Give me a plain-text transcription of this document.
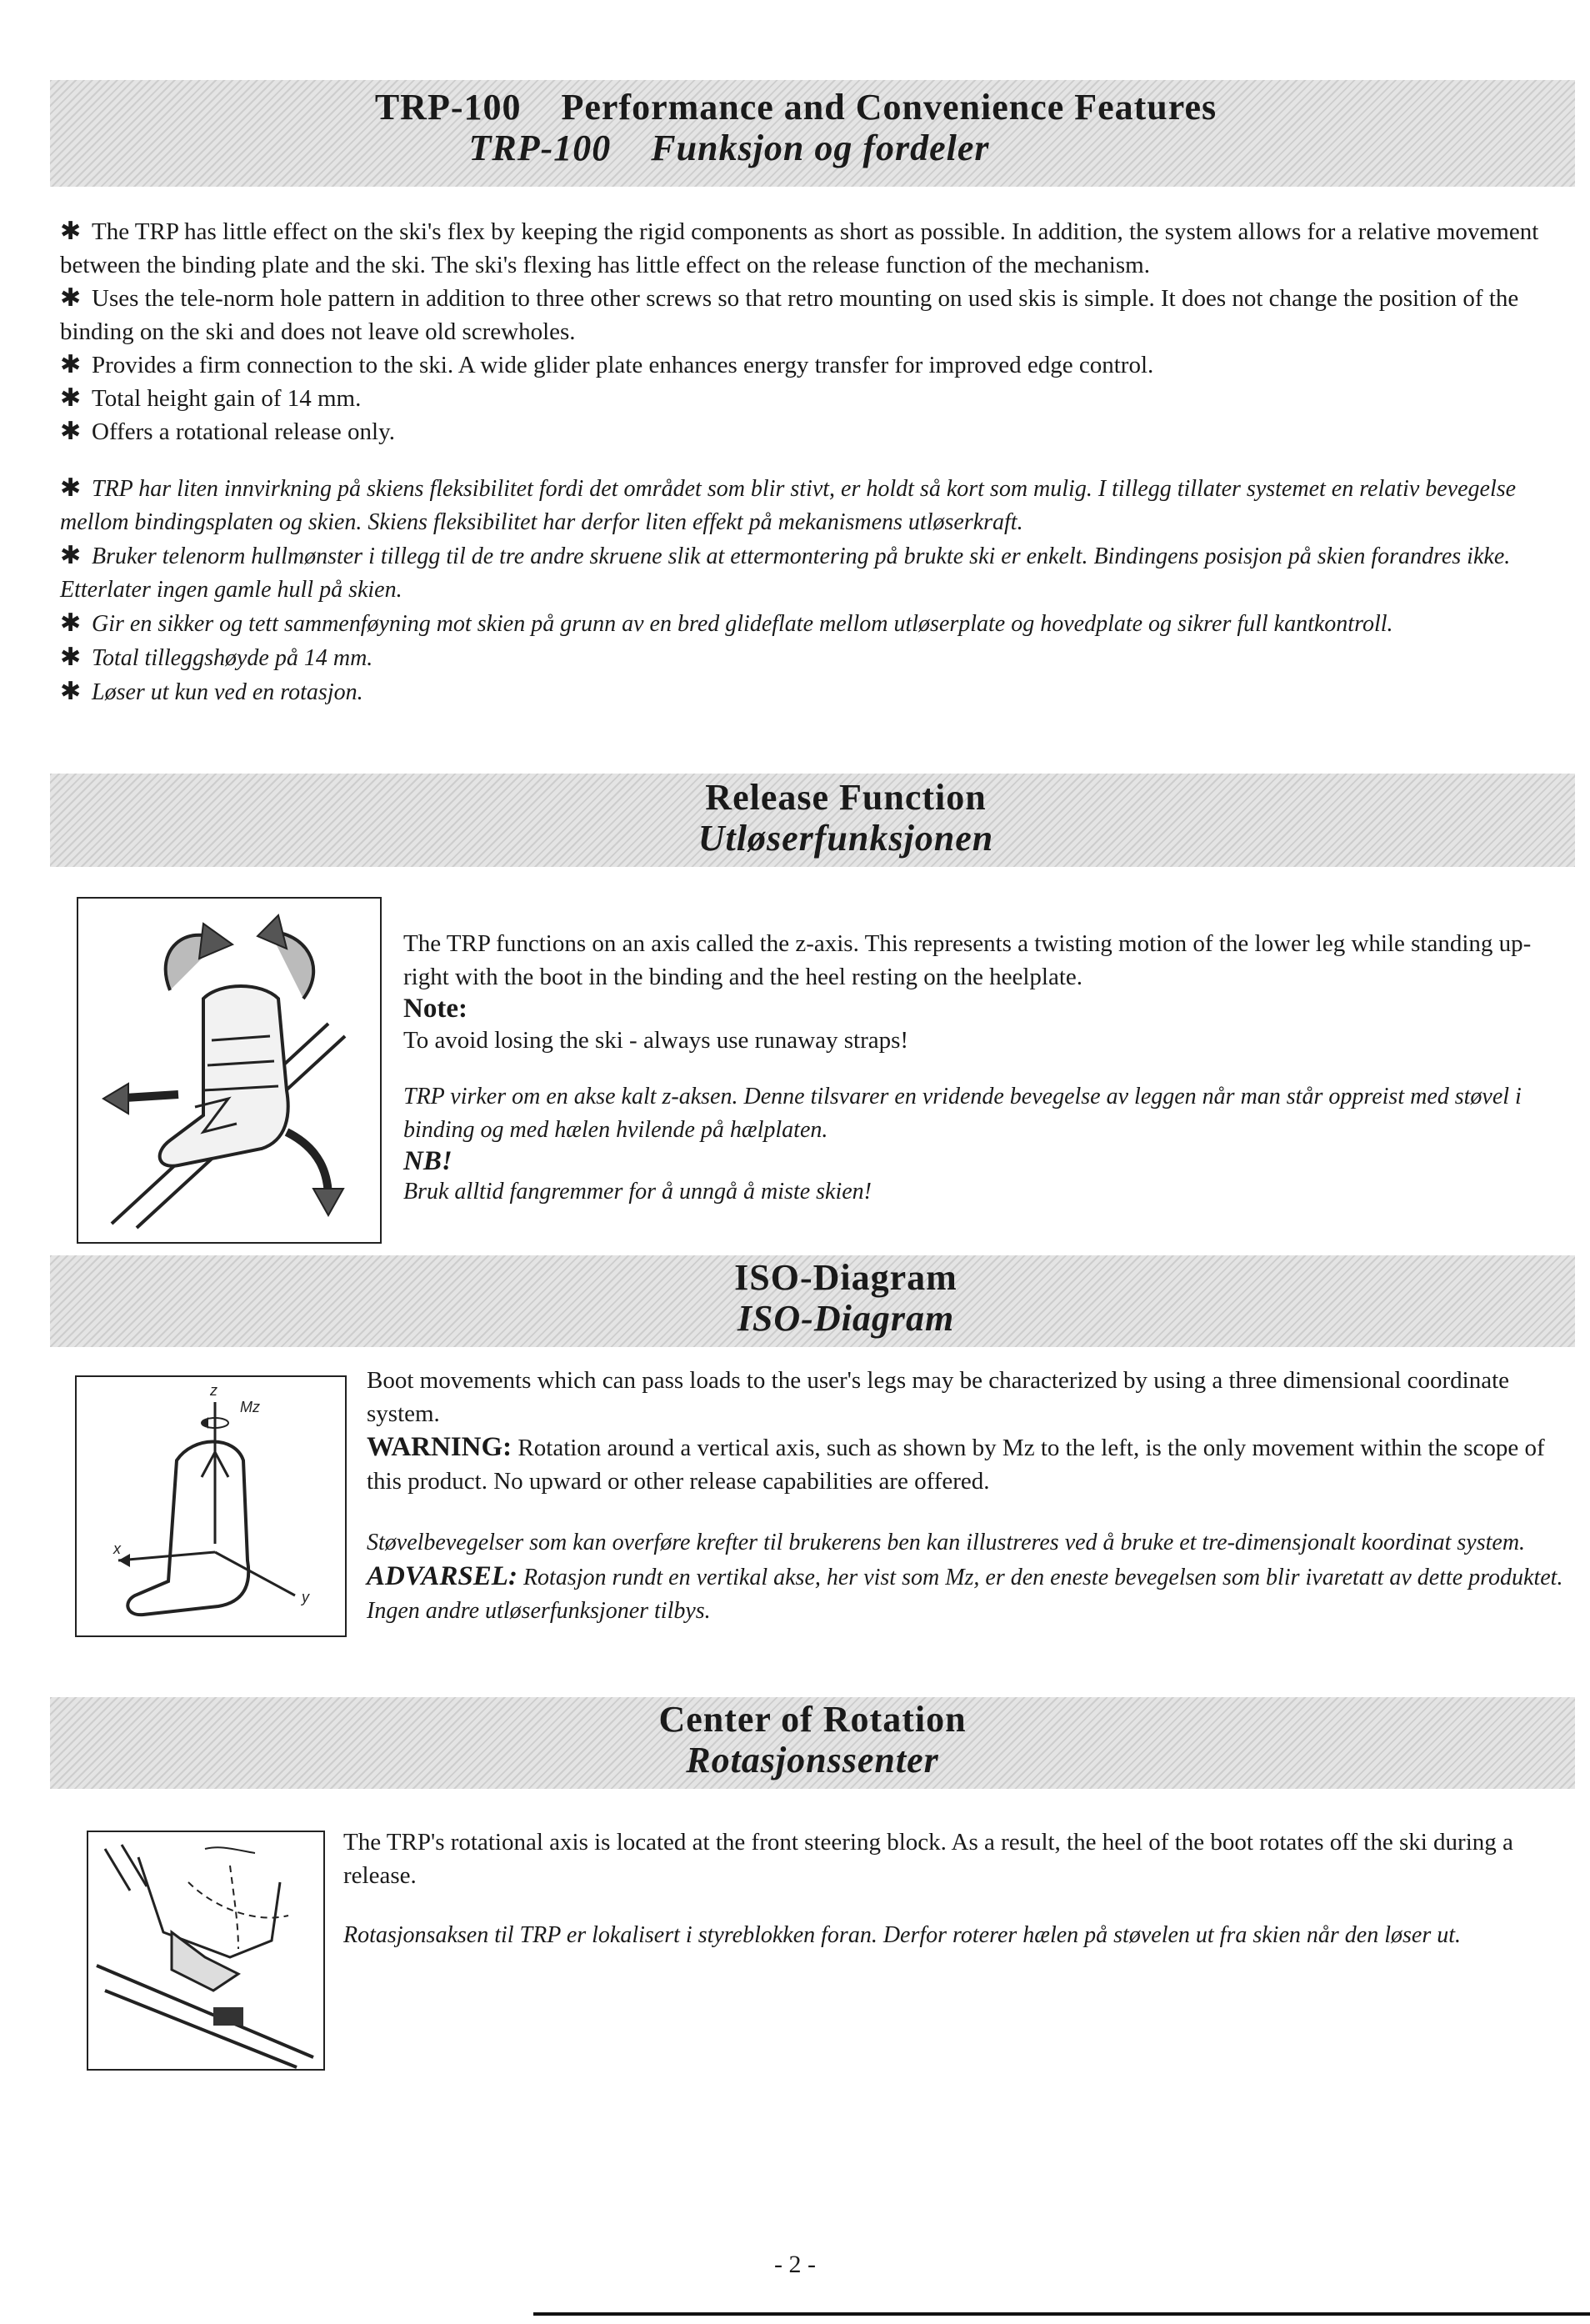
TRP-100    Performance and Convenience Features
TRP-100    Funksjon og fordeler

✱ The TRP has little effect on the ski's flex by keeping the rigid components as short as possible. In addition, the system allows for a relative movement between the binding plate and the ski. The ski's flexing has little effect on the release function of the mechanism.

✱ Uses the tele-norm hole pattern in addition to three other screws so that retro mounting on used skis is simple. It does not change the position of the binding on the ski and does not leave old screwholes.

✱ Provides a firm connection to the ski. A wide glider plate enhances energy transfer for improved edge control.

✱ Total height gain of 14 mm.

✱ Offers a rotational release only.

✱ TRP har liten innvirkning på skiens fleksibilitet fordi det området som blir stivt, er holdt så kort som mulig. I tillegg tillater systemet en relativ bevegelse mellom bindingsplaten og skien. Skiens fleksibilitet har derfor liten effekt på mekanismens utløserkraft.

✱ Bruker telenorm hullmønster i tillegg til de tre andre skruene slik at ettermontering på brukte ski er enkelt. Bindingens posisjon på skien forandres ikke. Etterlater ingen gamle hull på skien.

✱ Gir en sikker og tett sammenføyning mot skien på grunn av en bred glideflate mellom utløserplate og hovedplate og sikrer full kantkontroll.

✱ Total tilleggshøyde på 14 mm.

✱ Løser ut kun ved en rotasjon.

Release Function
Utløserfunksjonen

The TRP functions on an axis called the z-axis. This represents a twisting motion of the lower leg while standing up-right with the boot in the binding and the heel resting on the heelplate.

Note:

To avoid losing the ski - always use runaway straps!

TRP virker om en akse kalt z-aksen. Denne tilsvarer en vridende bevegelse av leggen når man står oppreist med støvel i binding og med hælen hvilende på hælplaten.

NB!

Bruk alltid fangremmer for å unngå å miste skien!

ISO-Diagram
ISO-Diagram
z
Mz
x
y

Boot movements which can pass loads to the user's legs may be characterized by using a three dimensional coordinate system.

WARNING: Rotation around a vertical axis, such as shown by Mz to the left, is the only movement within the scope of this product. No upward or other release capabilities are offered.

Støvelbevegelser som kan overføre krefter til brukerens ben kan illustreres ved å bruke et tre-dimensjonalt koordinat system.

ADVARSEL: Rotasjon rundt en vertikal akse, her vist som Mz, er den eneste bevegelsen som blir ivaretatt av dette produktet. Ingen andre utløserfunksjoner tilbys.

Center of Rotation
Rotasjonssenter

The TRP's rotational axis is located at the front steering block. As a result, the heel of the boot rotates off the ski during a release.

Rotasjonsaksen til TRP er lokalisert i styreblokken foran. Derfor roterer hælen på støvelen ut fra skien når den løser ut.

- 2 -
